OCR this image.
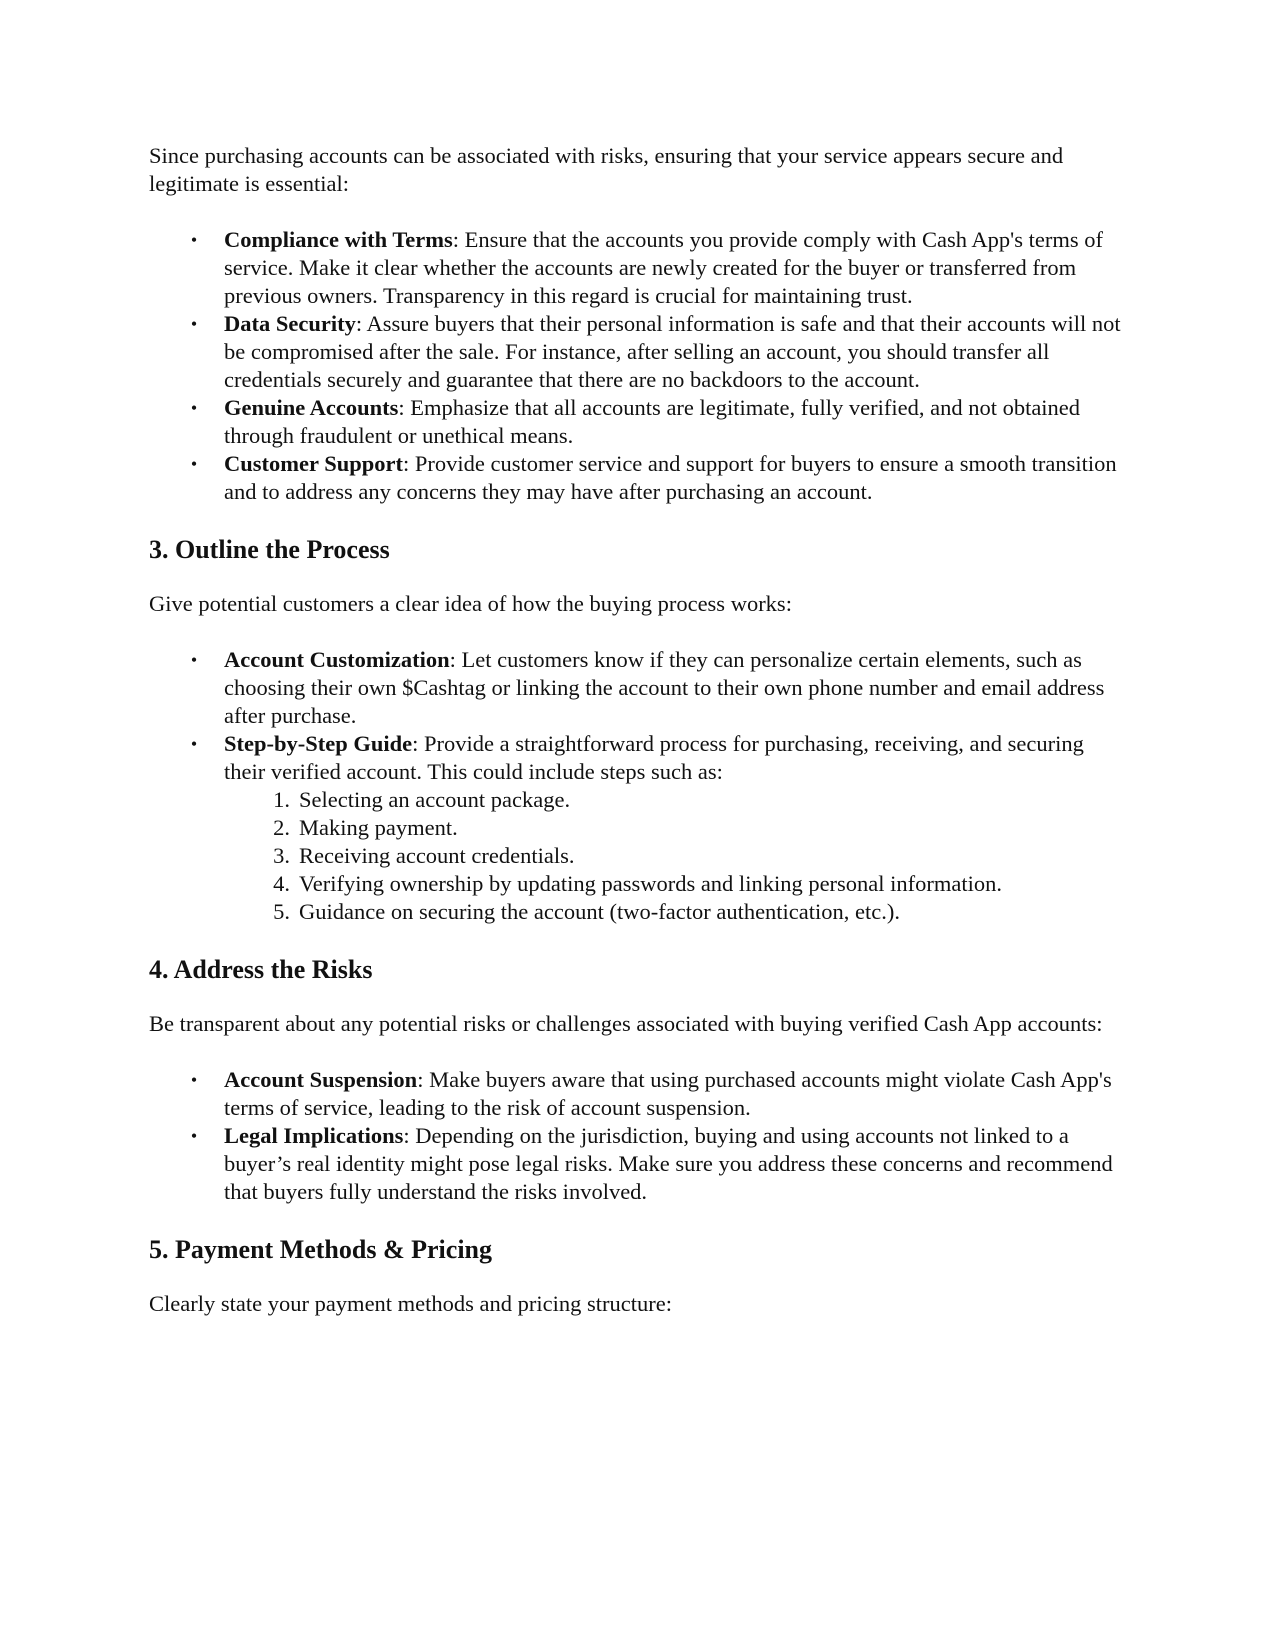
Since purchasing accounts can be associated with risks, ensuring that your service appears secure and legitimate is essential:

• Compliance with Terms: Ensure that the accounts you provide comply with Cash App's terms of service. Make it clear whether the accounts are newly created for the buyer or transferred from previous owners. Transparency in this regard is crucial for maintaining trust.
• Data Security: Assure buyers that their personal information is safe and that their accounts will not be compromised after the sale. For instance, after selling an account, you should transfer all credentials securely and guarantee that there are no backdoors to the account.
• Genuine Accounts: Emphasize that all accounts are legitimate, fully verified, and not obtained through fraudulent or unethical means.
• Customer Support: Provide customer service and support for buyers to ensure a smooth transition and to address any concerns they may have after purchasing an account.
3. Outline the Process

Give potential customers a clear idea of how the buying process works:

• Account Customization: Let customers know if they can personalize certain elements, such as choosing their own $Cashtag or linking the account to their own phone number and email address after purchase.
• Step-by-Step Guide: Provide a straightforward process for purchasing, receiving, and securing their verified account. This could include steps such as:
1. Selecting an account package.
2. Making payment.
3. Receiving account credentials.
4. Verifying ownership by updating passwords and linking personal information.
5. Guidance on securing the account (two-factor authentication, etc.).
4. Address the Risks

Be transparent about any potential risks or challenges associated with buying verified Cash App accounts:

• Account Suspension: Make buyers aware that using purchased accounts might violate Cash App's terms of service, leading to the risk of account suspension.
• Legal Implications: Depending on the jurisdiction, buying and using accounts not linked to a buyer’s real identity might pose legal risks. Make sure you address these concerns and recommend that buyers fully understand the risks involved.
5. Payment Methods & Pricing

Clearly state your payment methods and pricing structure:
